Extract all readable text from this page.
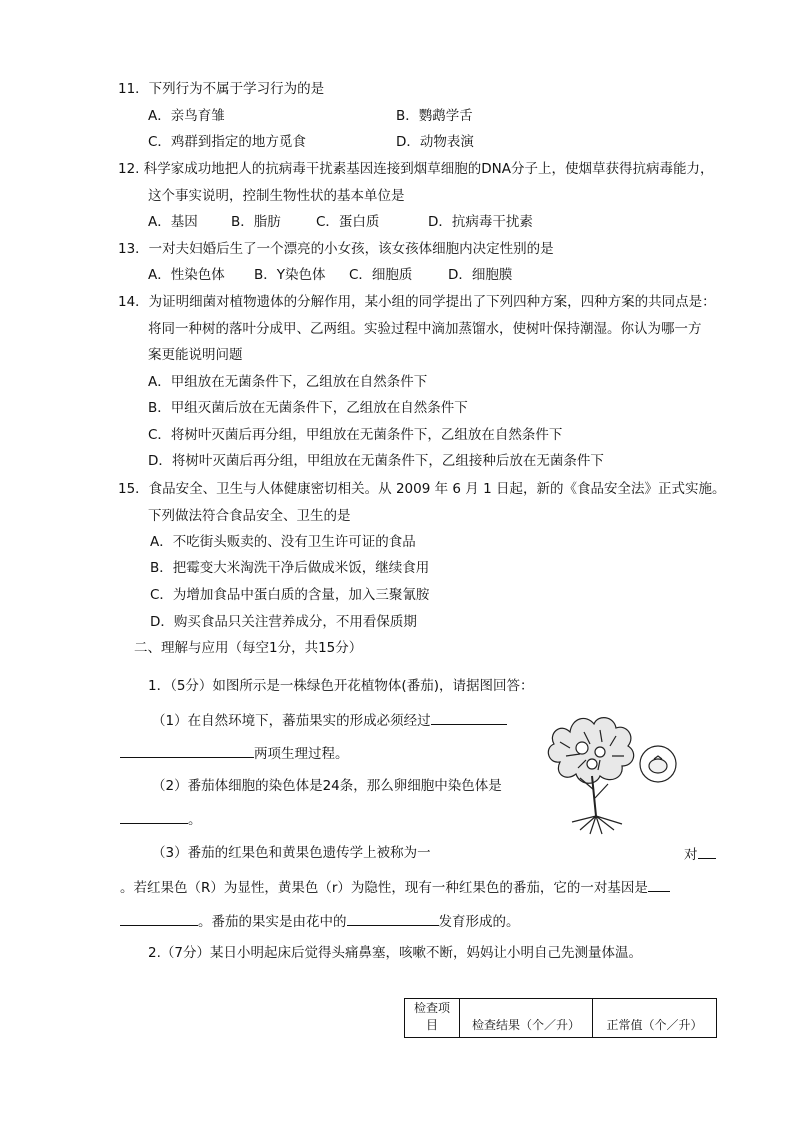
11．下列行为不属于学习行为的是
A．亲鸟育雏	B．鹦鹉学舌
C．鸡群到指定的地方觅食	D．动物表演
12. 科学家成功地把人的抗病毒干扰素基因连接到烟草细胞的DNA分子上，使烟草获得抗病毒能力，
这个事实说明，控制生物性状的基本单位是
A．基因 B．脂肪	C．蛋白质	D．抗病毒干扰素
13．一对夫妇婚后生了一个漂亮的小女孩，该女孩体细胞内决定性别的是
A．性染色体 B．Y染色体 C．细胞质	D．细胞膜
14．为证明细菌对植物遗体的分解作用，某小组的同学提出了下列四种方案，四种方案的共同点是：
将同一种树的落叶分成甲、乙两组。实验过程中滴加蒸馏水，使树叶保持潮湿。你认为哪一方
案更能说明问题
A．甲组放在无菌条件下，乙组放在自然条件下
B．甲组灭菌后放在无菌条件下，乙组放在自然条件下
C．将树叶灭菌后再分组，甲组放在无菌条件下，乙组放在自然条件下
D．将树叶灭菌后再分组，甲组放在无菌条件下，乙组接种后放在无菌条件下
15．食品安全、卫生与人体健康密切相关。从 2009 年 6 月 1 日起，新的《食品安全法》正式实施。
下列做法符合食品安全、卫生的是
A．不吃街头贩卖的、没有卫生许可证的食品
B．把霉变大米淘洗干净后做成米饭，继续食用
C．为增加食品中蛋白质的含量，加入三聚氰胺
D．购买食品只关注营养成分，不用看保质期
二、理解与应用（每空1分，共15分）
1．（5分）如图所示是一株绿色开花植物体(番茄)，请据图回答：
（1）在自然环境下，蕃茄果实的形成必须经过
两项生理过程。
（2）番茄体细胞的染色体是24条，那么卵细胞中染色体是
。
（3）番茄的红果色和黄果色遗传学上被称为一	对
。若红果色（R）为显性，黄果色（r）为隐性，现有一种红果色的番茄，它的一对基因是
。番茄的果实是由花中的	发育形成的。
2.（7分）某日小明起床后觉得头痛鼻塞，咳嗽不断，妈妈让小明自己先测量体温。
检查项目	检查结果（个／升）	正常值（个／升）
